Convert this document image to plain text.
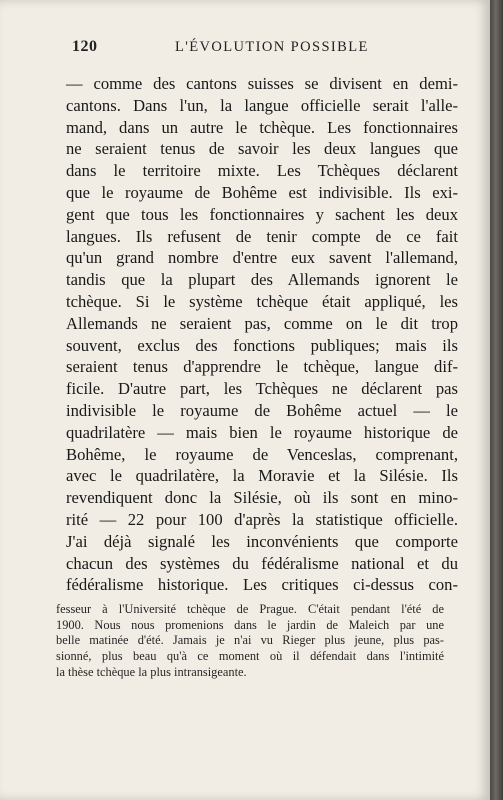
120	L'ÉVOLUTION POSSIBLE
— comme des cantons suisses se divisent en demi-
cantons. Dans l'un, la langue officielle serait l'alle-
mand, dans un autre le tchèque. Les fonctionnaires
ne seraient tenus de savoir les deux langues que
dans le territoire mixte. Les Tchèques déclarent
que le royaume de Bohême est indivisible. Ils exi-
gent que tous les fonctionnaires y sachent les deux
langues. Ils refusent de tenir compte de ce fait
qu'un grand nombre d'entre eux savent l'allemand,
tandis que la plupart des Allemands ignorent le
tchèque. Si le système tchèque était appliqué, les
Allemands ne seraient pas, comme on le dit trop
souvent, exclus des fonctions publiques; mais ils
seraient tenus d'apprendre le tchèque, langue dif-
ficile. D'autre part, les Tchèques ne déclarent pas
indivisible le royaume de Bohême actuel — le
quadrilatère — mais bien le royaume historique de
Bohême, le royaume de Venceslas, comprenant,
avec le quadrilatère, la Moravie et la Silésie. Ils
revendiquent donc la Silésie, où ils sont en mino-
rité — 22 pour 100 d'après la statistique officielle.
J'ai déjà signalé les inconvénients que comporte
chacun des systèmes du fédéralisme national et du
fédéralisme historique. Les critiques ci-dessus con-
fesseur à l'Université tchèque de Prague. C'était pendant l'été de
1900. Nous nous promenions dans le jardin de Maleich par une
belle matinée d'été. Jamais je n'ai vu Rieger plus jeune, plus pas-
sionné, plus beau qu'à ce moment où il défendait dans l'intimité
la thèse tchèque la plus intransigeante.
